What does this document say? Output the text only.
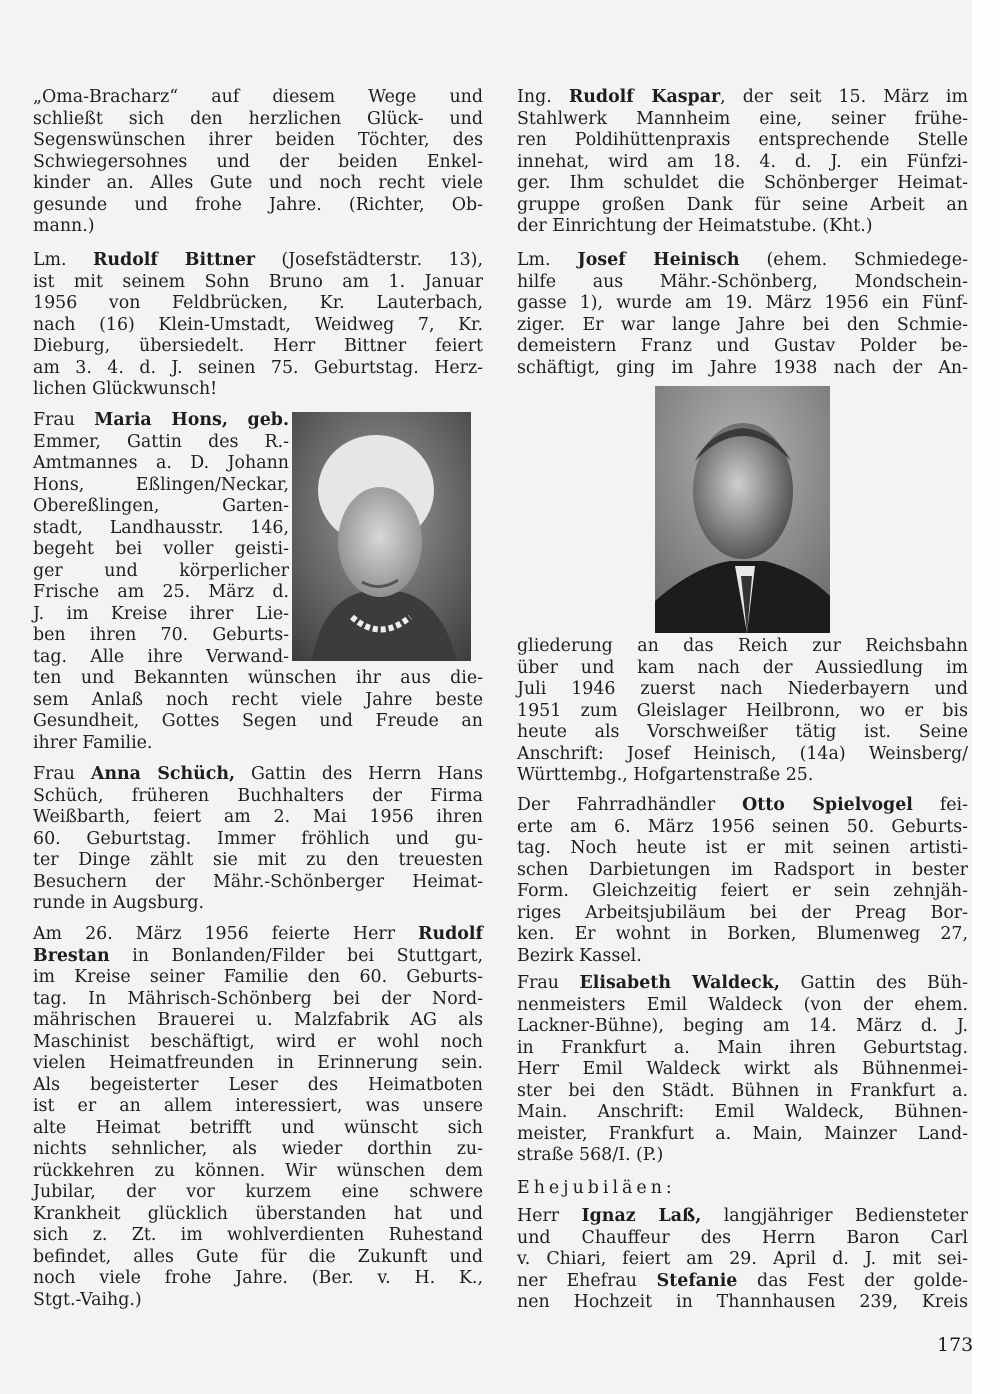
„Oma-Bracharz“ auf diesem Wege und
schließt sich den herzlichen Glück- und
Segenswünschen ihrer beiden Töchter, des
Schwiegersohnes und der beiden Enkel-
kinder an. Alles Gute und noch recht viele
gesunde und frohe Jahre. (Richter, Ob-
mann.)
Lm. Rudolf Bittner (Josefstädterstr. 13),
ist mit seinem Sohn Bruno am 1. Januar
1956 von Feldbrücken, Kr. Lauterbach,
nach (16) Klein-Umstadt, Weidweg 7, Kr.
Dieburg, übersiedelt. Herr Bittner feiert
am 3. 4. d. J. seinen 75. Geburtstag. Herz-
lichen Glückwunsch!
Frau Maria Hons, geb.
Emmer, Gattin des R.-
Amtmannes a. D. Johann
Hons, Eßlingen/Neckar,
Obereßlingen, Garten-
stadt, Landhausstr. 146,
begeht bei voller geisti-
ger und körperlicher
Frische am 25. März d.
J. im Kreise ihrer Lie-
ben ihren 70. Geburts-
tag. Alle ihre Verwand-
ten und Bekannten wünschen ihr aus die-
sem Anlaß noch recht viele Jahre beste
Gesundheit, Gottes Segen und Freude an
ihrer Familie.
Frau Anna Schüch, Gattin des Herrn Hans
Schüch, früheren Buchhalters der Firma
Weißbarth, feiert am 2. Mai 1956 ihren
60. Geburtstag. Immer fröhlich und gu-
ter Dinge zählt sie mit zu den treuesten
Besuchern der Mähr.-Schönberger Heimat-
runde in Augsburg.
Am 26. März 1956 feierte Herr Rudolf
Brestan in Bonlanden/Filder bei Stuttgart,
im Kreise seiner Familie den 60. Geburts-
tag. In Mährisch-Schönberg bei der Nord-
mährischen Brauerei u. Malzfabrik AG als
Maschinist beschäftigt, wird er wohl noch
vielen Heimatfreunden in Erinnerung sein.
Als begeisterter Leser des Heimatboten
ist er an allem interessiert, was unsere
alte Heimat betrifft und wünscht sich
nichts sehnlicher, als wieder dorthin zu-
rückkehren zu können. Wir wünschen dem
Jubilar, der vor kurzem eine schwere
Krankheit glücklich überstanden hat und
sich z. Zt. im wohlverdienten Ruhestand
befindet, alles Gute für die Zukunft und
noch viele frohe Jahre. (Ber. v. H. K.,
Stgt.-Vaihg.)
Ing. Rudolf Kaspar, der seit 15. März im
Stahlwerk Mannheim eine, seiner frühe-
ren Poldihüttenpraxis entsprechende Stelle
innehat, wird am 18. 4. d. J. ein Fünfzi-
ger. Ihm schuldet die Schönberger Heimat-
gruppe großen Dank für seine Arbeit an
der Einrichtung der Heimatstube. (Kht.)
Lm. Josef Heinisch (ehem. Schmiedege-
hilfe aus Mähr.-Schönberg, Mondschein-
gasse 1), wurde am 19. März 1956 ein Fünf-
ziger. Er war lange Jahre bei den Schmie-
demeistern Franz und Gustav Polder be-
schäftigt, ging im Jahre 1938 nach der An-
gliederung an das Reich zur Reichsbahn
über und kam nach der Aussiedlung im
Juli 1946 zuerst nach Niederbayern und
1951 zum Gleislager Heilbronn, wo er bis
heute als Vorschweißer tätig ist. Seine
Anschrift: Josef Heinisch, (14a) Weinsberg/
Württembg., Hofgartenstraße 25.
Der Fahrradhändler Otto Spielvogel fei-
erte am 6. März 1956 seinen 50. Geburts-
tag. Noch heute ist er mit seinen artisti-
schen Darbietungen im Radsport in bester
Form. Gleichzeitig feiert er sein zehnjäh-
riges Arbeitsjubiläum bei der Preag Bor-
ken. Er wohnt in Borken, Blumenweg 27,
Bezirk Kassel.
Frau Elisabeth Waldeck, Gattin des Büh-
nenmeisters Emil Waldeck (von der ehem.
Lackner-Bühne), beging am 14. März d. J.
in Frankfurt a. Main ihren Geburtstag.
Herr Emil Waldeck wirkt als Bühnenmei-
ster bei den Städt. Bühnen in Frankfurt a.
Main. Anschrift: Emil Waldeck, Bühnen-
meister, Frankfurt a. Main, Mainzer Land-
straße 568/I. (P.)
Ehejubiläen:
Herr Ignaz Laß, langjähriger Bediensteter
und Chauffeur des Herrn Baron Carl
v. Chiari, feiert am 29. April d. J. mit sei-
ner Ehefrau Stefanie das Fest der golde-
nen Hochzeit in Thannhausen 239, Kreis
173
